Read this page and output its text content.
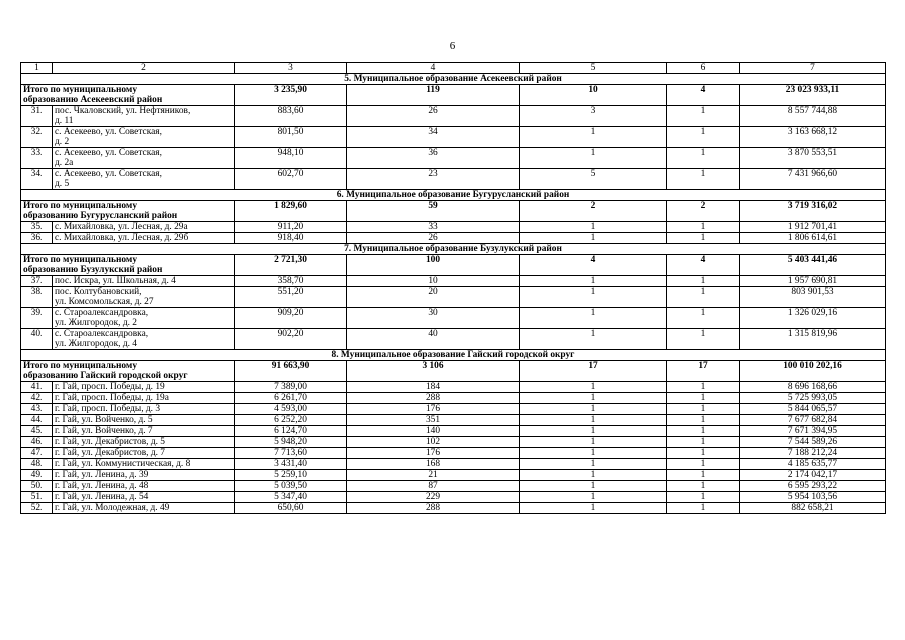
6
1	2	3	4	5	6	7
5. Муниципальное образование Асекеевский район						

Итого по муниципальному
образованию Асекеевский район		3 235,90	119	10	4	23 023 933,11
31.	пос. Чкаловский, ул. Нефтяников,
д. 11	883,60	26	3	1	8 557 744,88
32.	с. Асекеево, ул. Советская,
д. 2	801,50	34	1	1	3 163 668,12
33.	с. Асекеево, ул. Советская,
д. 2а	948,10	36	1	1	3 870 553,51
34.	с. Асекеево, ул. Советская,
д. 5	602,70	23	5	1	7 431 966,60
6. Муниципальное образование Бугурусланский район						

Итого по муниципальному
образованию Бугурусланский район		1 829,60	59	2	2	3 719 316,02
35.	с. Михайловка, ул. Лесная, д. 29а	911,20	33	1	1	1 912 701,41
36.	с. Михайловка, ул. Лесная, д. 29б	918,40	26	1	1	1 806 614,61
7. Муниципальное образование Бузулукский район						

Итого по муниципальному
образованию Бузулукский район		2 721,30	100	4	4	5 403 441,46
37.	пос. Искра, ул. Школьная, д. 4	358,70	10	1	1	1 957 690,81
38.	пос. Колтубановский,
ул. Комсомольская, д. 27	551,20	20	1	1	803 901,53
39.	с. Староалександровка,
ул. Жилгородок, д. 2	909,20	30	1	1	1 326 029,16
40.	с. Староалександровка,
ул. Жилгородок, д. 4	902,20	40	1	1	1 315 819,96
8. Муниципальное образование Гайский городской округ						

Итого по муниципальному
образованию Гайский городской округ		91 663,90	3 106	17	17	100 010 202,16
41.	г. Гай, просп. Победы, д. 19	7 389,00	184	1	1	8 696 168,66
42.	г. Гай, просп. Победы, д. 19а	6 261,70	288	1	1	5 725 993,05
43.	г. Гай, просп. Победы, д. 3	4 593,00	176	1	1	5 844 065,57
44.	г. Гай, ул. Войченко, д. 5	6 252,20	351	1	1	7 677 682,84
45.	г. Гай, ул. Войченко, д. 7	6 124,70	140	1	1	7 671 394,95
46.	г. Гай, ул. Декабристов, д. 5	5 948,20	102	1	1	7 544 589,26
47.	г. Гай, ул. Декабристов, д. 7	7 713,60	176	1	1	7 188 212,24
48.	г. Гай, ул. Коммунистическая, д. 8	3 431,40	168	1	1	4 185 635,77
49.	г. Гай, ул. Ленина, д. 39	5 259,10	21	1	1	2 174 042,17
50.	г. Гай, ул. Ленина, д. 48	5 039,50	87	1	1	6 595 293,22
51.	г. Гай, ул. Ленина, д. 54	5 347,40	229	1	1	5 954 103,56
52.	г. Гай, ул. Молодежная, д. 49	650,60	288	1	1	882 658,21
